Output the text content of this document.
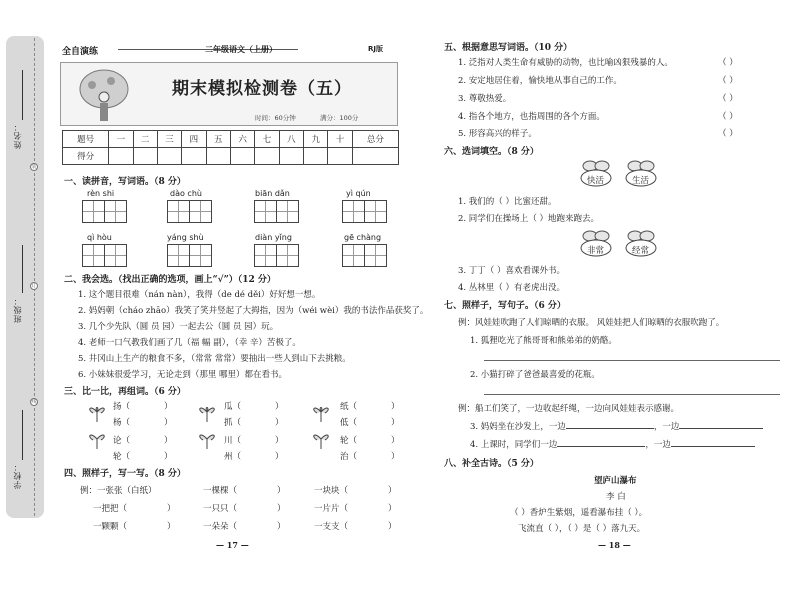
装
订
线
姓名：
班级：
学校：
全自演练	二年级语文（上册）	RJ版
期末模拟检测卷（五）
时间：60分钟	满分：100分
题号	一	二	三	四	五	六	七	八	九	十	总分
得分											
一、读拼音，写词语。（8 分）
rèn shi	dào chù	biān dǎn	yì qún
qì hòu	yáng shù	diàn yǐng	gē chàng
二、我会选。（找出正确的选项，画上“√”）（12 分）
1. 这个题目很难（nán nàn），我得（de dé děi）好好想一想。
2. 妈妈朝（cháo zhāo）我笑了笑并竖起了大拇指，因为（wéi wèi）我的书法作品获奖了。
3. 几个少先队（圆 员 园）一起去公（圆 员 园）玩。
4. 老师一口气教我们画了几（福 幅 副），（幸 辛）苦极了。
5. 井冈山上生产的粮食不多，（常常 常常）要抽出一些人到山下去挑粮。
6. 小妹妹很爱学习，无论走到（那里 哪里）都在看书。
三、比一比，再组词。（6 分）
扬（	）
杨（	）
论（	）
轮（	）
瓜（	）
抓（	）
川（	）
州（	）
纸（	）
低（	）
轮（	）
治（	）
四、照样子，写一写。（8 分）
例：一张张（白纸）	一棵棵（	）	一块块（	）
一把把（	）	一只只（	）	一片片（	）
一颗颗（	）	一朵朵（	）	一支支（	）
— 17 —
五、根据意思写词语。（10 分）
1. 泛指对人类生命有威胁的动物，也比喻凶狠残暴的人。	（ ）
2. 安定地居住着，愉快地从事自己的工作。	（ ）
3. 尊敬热爱。	（ ）
4. 指各个地方，也指周围的各个方面。	（ ）
5. 形容高兴的样子。	（ ）
六、选词填空。（8 分）
快活	生活
1. 我们的（ ）比蜜还甜。
2. 同学们在操场上（ ）地跑来跑去。
非常	经常
3. 丁丁（ ）喜欢看课外书。
4. 丛林里（ ）有老虎出没。
七、照样子，写句子。（6 分）
例：风娃娃吹跑了人们晾晒的衣服。 风娃娃把人们晾晒的衣服吹跑了。
1. 狐狸吃光了熊哥哥和熊弟弟的奶酪。
2. 小猫打碎了爸爸最喜爱的花瓶。
例：船工们笑了，一边收起纤绳，一边向风娃娃表示感谢。
3. 妈妈坐在沙发上，一边	，一边
4. 上课时，同学们一边	，一边
八、补全古诗。（5 分）
望庐山瀑布
李 白
（ ）香炉生紫烟，遥看瀑布挂（ ）。
飞流直（ ），（ ）是（ ）落九天。
— 18 —
